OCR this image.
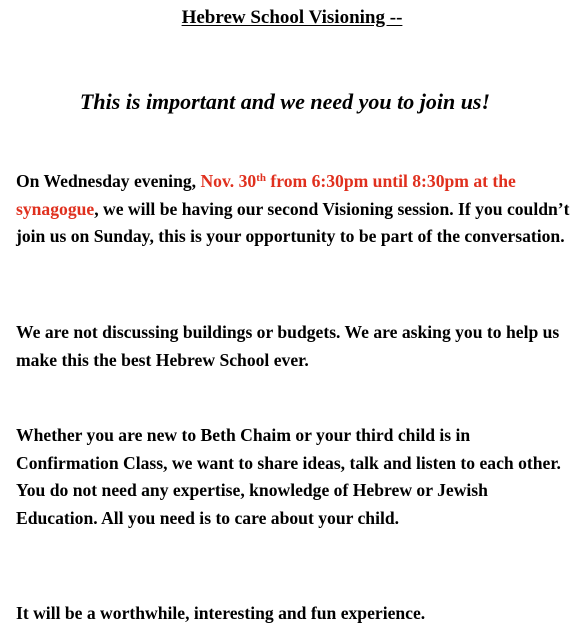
Hebrew School Visioning --
This is important and we need you to join us!

On Wednesday evening, Nov. 30th from 6:30pm until 8:30pm at the synagogue, we will be having our second Visioning session. If you couldn’t join us on Sunday, this is your opportunity to be part of the conversation.

We are not discussing buildings or budgets. We are asking you to help us make this the best Hebrew School ever.

Whether you are new to Beth Chaim or your third child is in Confirmation Class, we want to share ideas, talk and listen to each other. You do not need any expertise, knowledge of Hebrew or Jewish Education. All you need is to care about your child.

It will be a worthwhile, interesting and fun experience.
